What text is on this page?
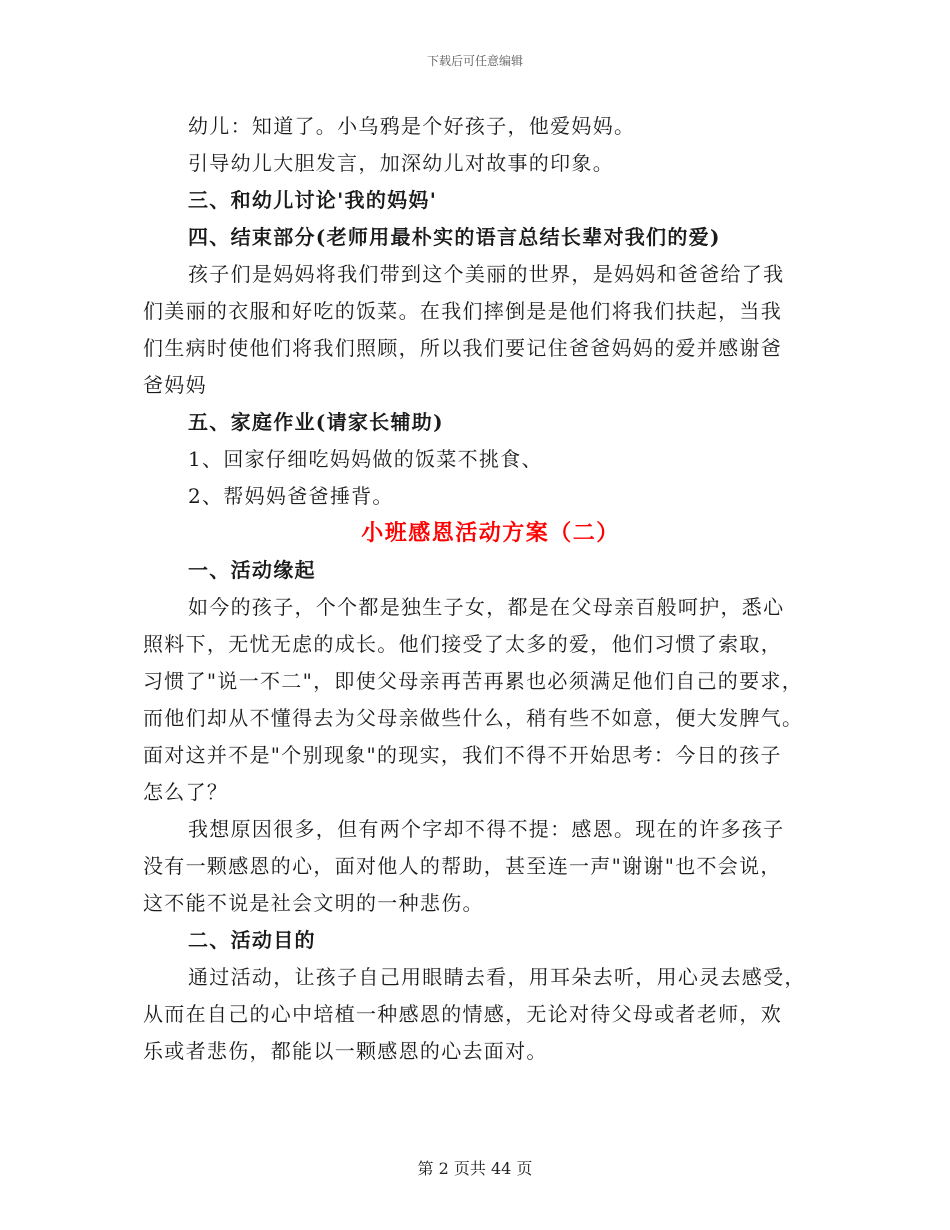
下载后可任意编辑
幼儿：知道了。小乌鸦是个好孩子，他爱妈妈。
引导幼儿大胆发言，加深幼儿对故事的印象。
三、和幼儿讨论'我的妈妈'
四、结束部分(老师用最朴实的语言总结长辈对我们的爱)
孩子们是妈妈将我们带到这个美丽的世界，是妈妈和爸爸给了我
们美丽的衣服和好吃的饭菜。在我们摔倒是是他们将我们扶起，当我
们生病时使他们将我们照顾，所以我们要记住爸爸妈妈的爱并感谢爸
爸妈妈
五、家庭作业(请家长辅助)
1、回家仔细吃妈妈做的饭菜不挑食、
2、帮妈妈爸爸捶背。
小班感恩活动方案（二）
一、活动缘起
如今的孩子，个个都是独生子女，都是在父母亲百般呵护，悉心
照料下，无忧无虑的成长。他们接受了太多的爱，他们习惯了索取，
习惯了"说一不二"，即使父母亲再苦再累也必须满足他们自己的要求，
而他们却从不懂得去为父母亲做些什么，稍有些不如意，便大发脾气。
面对这并不是"个别现象"的现实，我们不得不开始思考：今日的孩子
怎么了？
我想原因很多，但有两个字却不得不提：感恩。现在的许多孩子
没有一颗感恩的心，面对他人的帮助，甚至连一声"谢谢"也不会说，
这不能不说是社会文明的一种悲伤。
二、活动目的
通过活动，让孩子自己用眼睛去看，用耳朵去听，用心灵去感受，
从而在自己的心中培植一种感恩的情感，无论对待父母或者老师，欢
乐或者悲伤，都能以一颗感恩的心去面对。
第 2 页共 44 页
